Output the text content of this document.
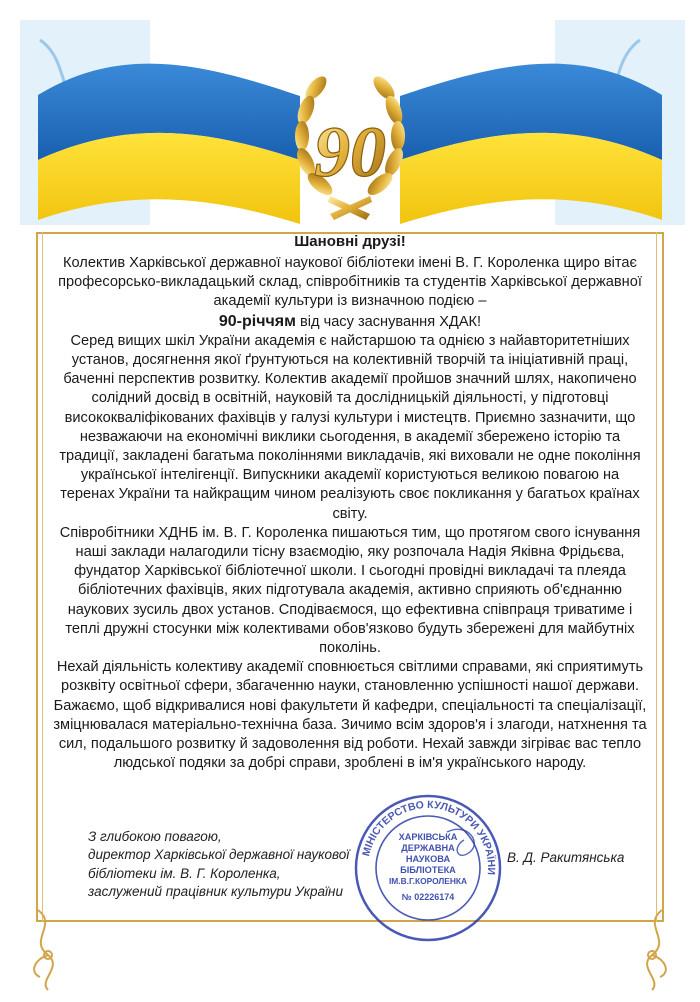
90

Шановні друзі!

Колектив Харківської державної наукової бібліотеки імені В. Г. Короленка щиро вітає професорсько-викладацький склад, співробітників та студентів Харківської державної академії культури із визначною подією –
90-річчям від часу заснування ХДАК!

Серед вищих шкіл України академія є найстаршою та однією з найавторитетніших установ, досягнення якої ґрунтуються на колективній творчій та ініціативній праці, баченні перспектив розвитку. Колектив академії пройшов значний шлях, накопичено солідний досвід в освітній, науковій та дослідницькій діяльності, у підготовці висококваліфікованих фахівців у галузі культури і мистецтв. Приємно зазначити, що незважаючи на економічні виклики сьогодення, в академії збережено історію та традиції, закладені багатьма поколіннями викладачів, які виховали не одне покоління української інтелігенції. Випускники академії користуються великою повагою на теренах України та найкращим чином реалізують своє покликання у багатьох країнах світу.

Співробітники ХДНБ ім. В. Г. Короленка пишаються тим, що протягом свого існування наші заклади налагодили тісну взаємодію, яку розпочала Надія Яківна Фрідьєва, фундатор Харківської бібліотечної школи. І сьогодні провідні викладачі та плеяда бібліотечних фахівців, яких підготувала академія, активно сприяють об'єднанню наукових зусиль двох установ. Сподіваємося, що ефективна співпраця триватиме і теплі дружні стосунки між колективами обов'язково будуть збережені для майбутніх поколінь.

Нехай діяльність колективу академії сповнюється світлими справами, які сприятимуть розквіту освітньої сфери, збагаченню науки, становленню успішності нашої держави. Бажаємо, щоб відкривалися нові факультети й кафедри, спеціальності та спеціалізації, зміцнювалася матеріально-технічна база. Зичимо всім здоров'я і злагоди, натхнення та сил, подальшого розвитку й задоволення від роботи. Нехай завжди зігріває вас тепло людської подяки за добрі справи, зроблені в ім'я українського народу.

З глибокою повагою,
директор Харківської державної наукової
бібліотеки ім. В. Г. Короленка,
заслужений працівник культури України
В. Д. Ракитянська
МІНІСТЕРСТВО КУЛЬТУРИ УКРАЇНИ
ХАРКІВСЬКА
ДЕРЖАВНА
НАУКОВА
БІБЛІОТЕКА
ІМ.В.Г.КОРОЛЕНКА
№ 02226174
